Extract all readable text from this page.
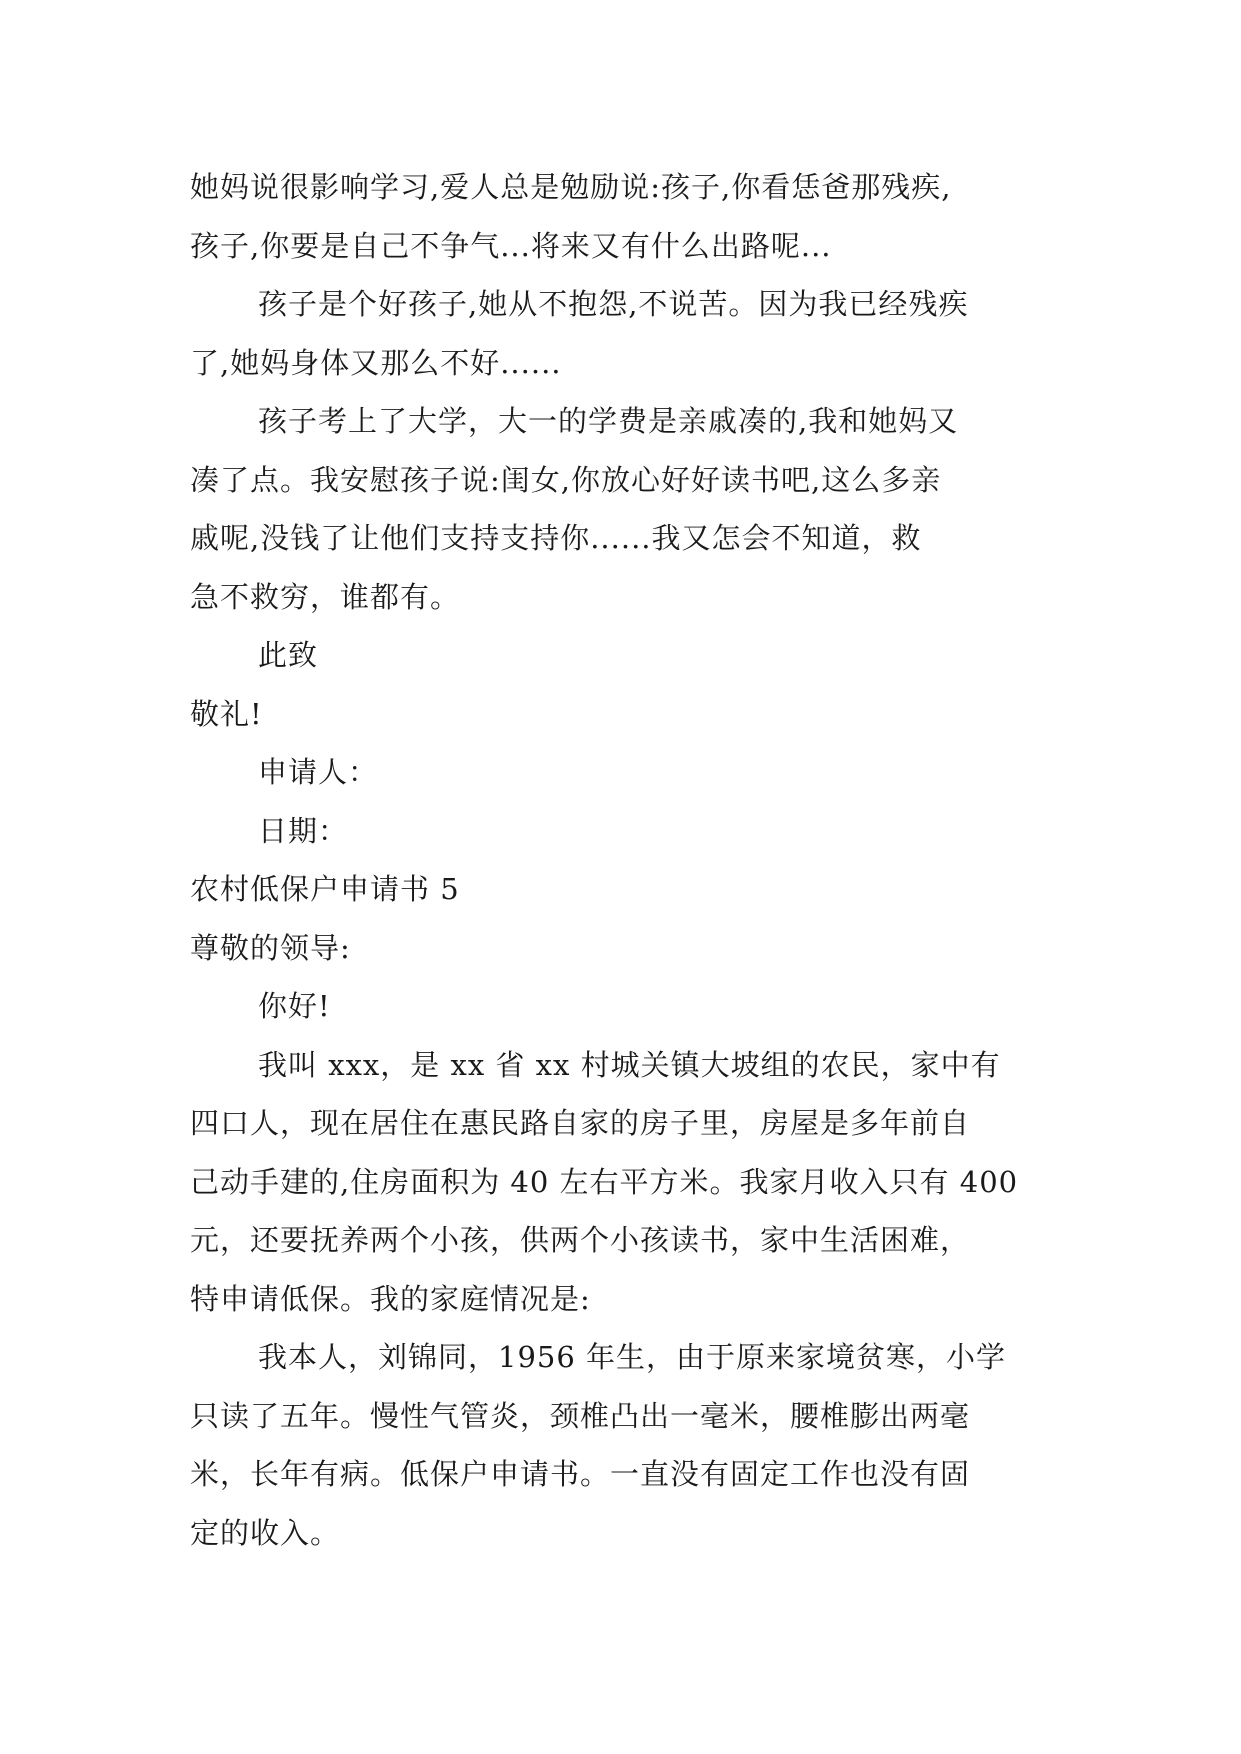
她妈说很影响学习,爱人总是勉励说:孩子,你看恁爸那残疾,
孩子,你要是自己不争气...将来又有什么出路呢...
孩子是个好孩子,她从不抱怨,不说苦。因为我已经残疾
了,她妈身体又那么不好......
孩子考上了大学，大一的学费是亲戚凑的,我和她妈又
凑了点。我安慰孩子说:闺女,你放心好好读书吧,这么多亲
戚呢,没钱了让他们支持支持你......我又怎会不知道，救
急不救穷，谁都有。
此致
敬礼!
申请人：
日期：
农村低保户申请书 5
尊敬的领导:
你好!
我叫 xxx，是 xx 省 xx 村城关镇大坡组的农民，家中有
四口人，现在居住在惠民路自家的房子里，房屋是多年前自
己动手建的,住房面积为 40 左右平方米。我家月收入只有 400
元，还要抚养两个小孩，供两个小孩读书，家中生活困难，
特申请低保。我的家庭情况是:
我本人，刘锦同，1956 年生，由于原来家境贫寒，小学
只读了五年。慢性气管炎，颈椎凸出一毫米，腰椎膨出两毫
米，长年有病。低保户申请书。一直没有固定工作也没有固
定的收入。
